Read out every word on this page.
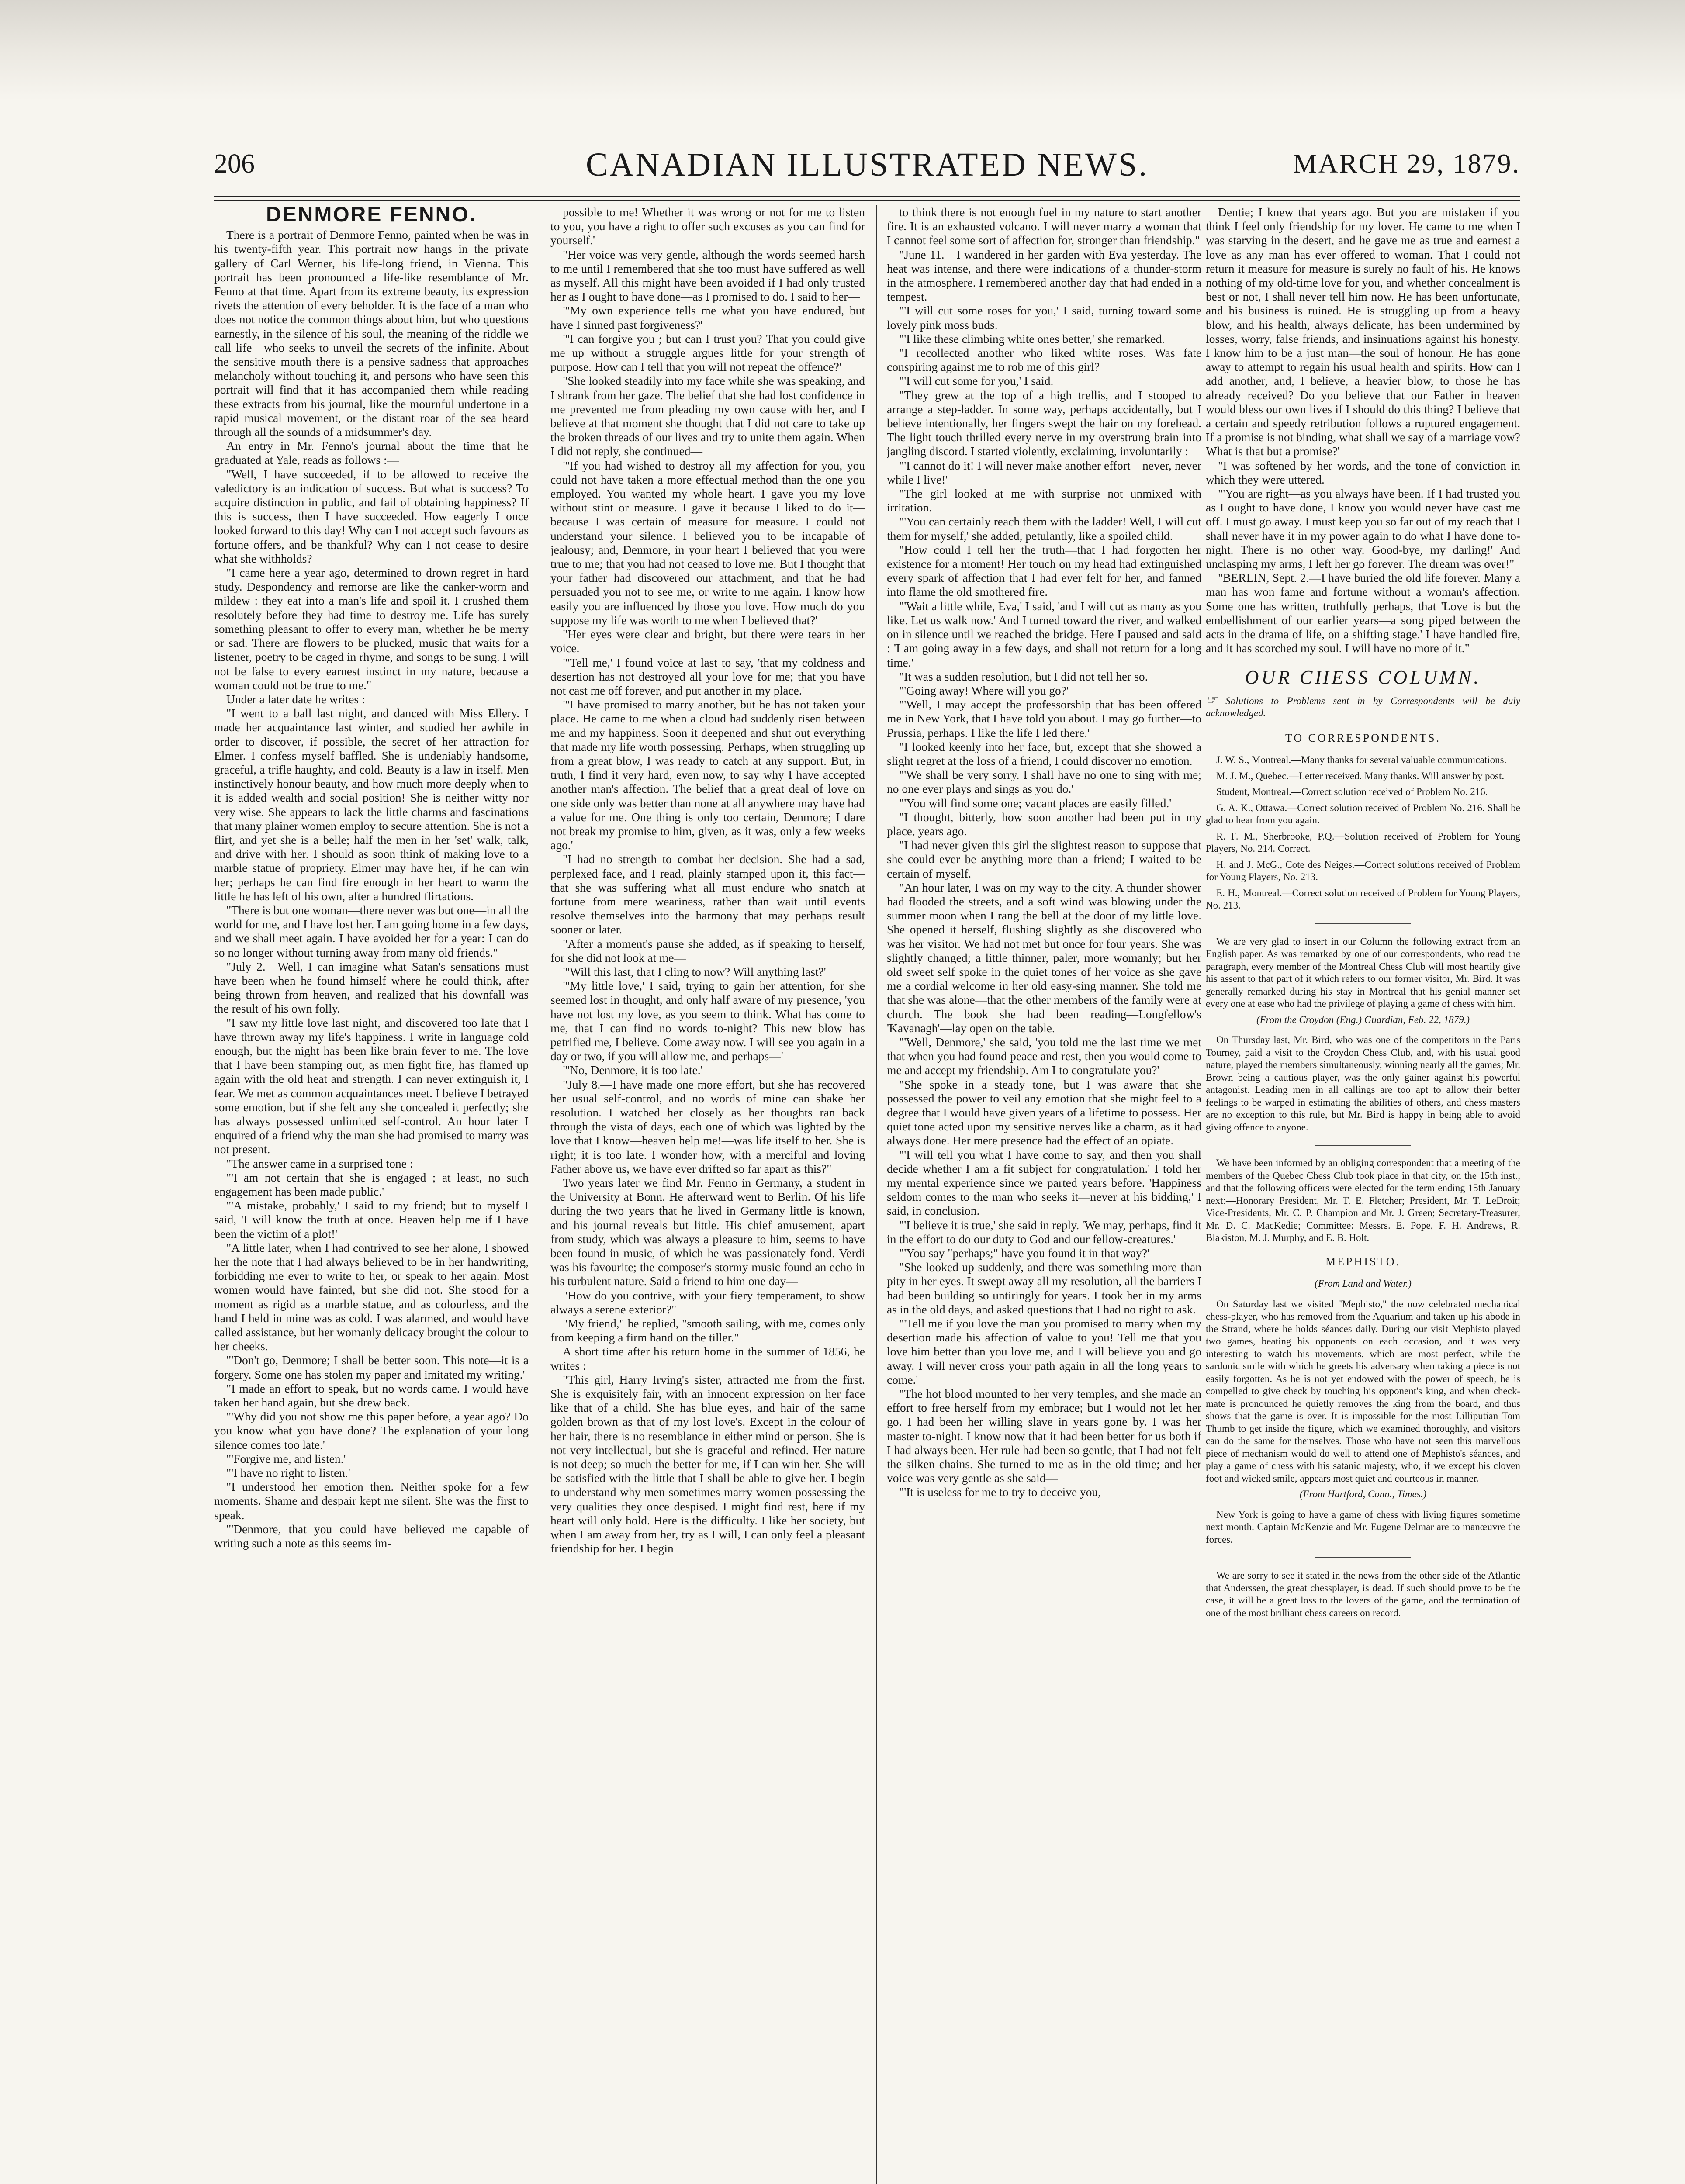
206	CANADIAN ILLUSTRATED NEWS.	MARCH 29, 1879.
DENMORE FENNO.

There is a portrait of Denmore Fenno, painted when he was in his twenty-fifth year. This portrait now hangs in the private gallery of Carl Werner, his life-long friend, in Vienna. This portrait has been pronounced a life-like resemblance of Mr. Fenno at that time. Apart from its extreme beauty, its expression rivets the attention of every beholder. It is the face of a man who does not notice the common things about him, but who questions earnestly, in the silence of his soul, the meaning of the riddle we call life—who seeks to unveil the secrets of the infinite. About the sensitive mouth there is a pensive sadness that approaches melancholy without touching it, and persons who have seen this portrait will find that it has accompanied them while reading these extracts from his journal, like the mournful undertone in a rapid musical movement, or the distant roar of the sea heard through all the sounds of a midsummer's day.

An entry in Mr. Fenno's journal about the time that he graduated at Yale, reads as follows :—

"Well, I have succeeded, if to be allowed to receive the valedictory is an indication of success. But what is success? To acquire distinction in public, and fail of obtaining happiness? If this is success, then I have succeeded. How eagerly I once looked forward to this day! Why can I not accept such favours as fortune offers, and be thankful? Why can I not cease to desire what she withholds?

"I came here a year ago, determined to drown regret in hard study. Despondency and remorse are like the canker-worm and mildew : they eat into a man's life and spoil it. I crushed them resolutely before they had time to destroy me. Life has surely something pleasant to offer to every man, whether he be merry or sad. There are flowers to be plucked, music that waits for a listener, poetry to be caged in rhyme, and songs to be sung. I will not be false to every earnest instinct in my nature, because a woman could not be true to me."

Under a later date he writes :

"I went to a ball last night, and danced with Miss Ellery. I made her acquaintance last winter, and studied her awhile in order to discover, if possible, the secret of her attraction for Elmer. I confess myself baffled. She is undeniably handsome, graceful, a trifle haughty, and cold. Beauty is a law in itself. Men instinctively honour beauty, and how much more deeply when to it is added wealth and social position! She is neither witty nor very wise. She appears to lack the little charms and fascinations that many plainer women employ to secure attention. She is not a flirt, and yet she is a belle; half the men in her 'set' walk, talk, and drive with her. I should as soon think of making love to a marble statue of propriety. Elmer may have her, if he can win her; perhaps he can find fire enough in her heart to warm the little he has left of his own, after a hundred flirtations.

"There is but one woman—there never was but one—in all the world for me, and I have lost her. I am going home in a few days, and we shall meet again. I have avoided her for a year: I can do so no longer without turning away from many old friends."

"July 2.—Well, I can imagine what Satan's sensations must have been when he found himself where he could think, after being thrown from heaven, and realized that his downfall was the result of his own folly.

"I saw my little love last night, and discovered too late that I have thrown away my life's happiness. I write in language cold enough, but the night has been like brain fever to me. The love that I have been stamping out, as men fight fire, has flamed up again with the old heat and strength. I can never extinguish it, I fear. We met as common acquaintances meet. I believe I betrayed some emotion, but if she felt any she concealed it perfectly; she has always possessed unlimited self-control. An hour later I enquired of a friend why the man she had promised to marry was not present.

"The answer came in a surprised tone :

"'I am not certain that she is engaged ; at least, no such engagement has been made public.'

"'A mistake, probably,' I said to my friend; but to myself I said, 'I will know the truth at once. Heaven help me if I have been the victim of a plot!'

"A little later, when I had contrived to see her alone, I showed her the note that I had always believed to be in her handwriting, forbidding me ever to write to her, or speak to her again. Most women would have fainted, but she did not. She stood for a moment as rigid as a marble statue, and as colourless, and the hand I held in mine was as cold. I was alarmed, and would have called assistance, but her womanly delicacy brought the colour to her cheeks.

"'Don't go, Denmore; I shall be better soon. This note—it is a forgery. Some one has stolen my paper and imitated my writing.'

"I made an effort to speak, but no words came. I would have taken her hand again, but she drew back.

"'Why did you not show me this paper before, a year ago? Do you know what you have done? The explanation of your long silence comes too late.'

"'Forgive me, and listen.'

"'I have no right to listen.'

"I understood her emotion then. Neither spoke for a few moments. Shame and despair kept me silent. She was the first to speak.

"'Denmore, that you could have believed me capable of writing such a note as this seems im-

possible to me! Whether it was wrong or not for me to listen to you, you have a right to offer such excuses as you can find for yourself.'

"Her voice was very gentle, although the words seemed harsh to me until I remembered that she too must have suffered as well as myself. All this might have been avoided if I had only trusted her as I ought to have done—as I promised to do. I said to her—

"'My own experience tells me what you have endured, but have I sinned past forgiveness?'

"'I can forgive you ; but can I trust you? That you could give me up without a struggle argues little for your strength of purpose. How can I tell that you will not repeat the offence?'

"She looked steadily into my face while she was speaking, and I shrank from her gaze. The belief that she had lost confidence in me prevented me from pleading my own cause with her, and I believe at that moment she thought that I did not care to take up the broken threads of our lives and try to unite them again. When I did not reply, she continued—

"'If you had wished to destroy all my affection for you, you could not have taken a more effectual method than the one you employed. You wanted my whole heart. I gave you my love without stint or measure. I gave it because I liked to do it—because I was certain of measure for measure. I could not understand your silence. I believed you to be incapable of jealousy; and, Denmore, in your heart I believed that you were true to me; that you had not ceased to love me. But I thought that your father had discovered our attachment, and that he had persuaded you not to see me, or write to me again. I know how easily you are influenced by those you love. How much do you suppose my life was worth to me when I believed that?'

"Her eyes were clear and bright, but there were tears in her voice.

"'Tell me,' I found voice at last to say, 'that my coldness and desertion has not destroyed all your love for me; that you have not cast me off forever, and put another in my place.'

"'I have promised to marry another, but he has not taken your place. He came to me when a cloud had suddenly risen between me and my happiness. Soon it deepened and shut out everything that made my life worth possessing. Perhaps, when struggling up from a great blow, I was ready to catch at any support. But, in truth, I find it very hard, even now, to say why I have accepted another man's affection. The belief that a great deal of love on one side only was better than none at all anywhere may have had a value for me. One thing is only too certain, Denmore; I dare not break my promise to him, given, as it was, only a few weeks ago.'

"I had no strength to combat her decision. She had a sad, perplexed face, and I read, plainly stamped upon it, this fact—that she was suffering what all must endure who snatch at fortune from mere weariness, rather than wait until events resolve themselves into the harmony that may perhaps result sooner or later.

"After a moment's pause she added, as if speaking to herself, for she did not look at me—

"'Will this last, that I cling to now? Will anything last?'

"'My little love,' I said, trying to gain her attention, for she seemed lost in thought, and only half aware of my presence, 'you have not lost my love, as you seem to think. What has come to me, that I can find no words to-night? This new blow has petrified me, I believe. Come away now. I will see you again in a day or two, if you will allow me, and perhaps—'

"'No, Denmore, it is too late.'

"July 8.—I have made one more effort, but she has recovered her usual self-control, and no words of mine can shake her resolution. I watched her closely as her thoughts ran back through the vista of days, each one of which was lighted by the love that I know—heaven help me!—was life itself to her. She is right; it is too late. I wonder how, with a merciful and loving Father above us, we have ever drifted so far apart as this?"

Two years later we find Mr. Fenno in Germany, a student in the University at Bonn. He afterward went to Berlin. Of his life during the two years that he lived in Germany little is known, and his journal reveals but little. His chief amusement, apart from study, which was always a pleasure to him, seems to have been found in music, of which he was passionately fond. Verdi was his favourite; the composer's stormy music found an echo in his turbulent nature. Said a friend to him one day—

"How do you contrive, with your fiery temperament, to show always a serene exterior?"

"My friend," he replied, "smooth sailing, with me, comes only from keeping a firm hand on the tiller."

A short time after his return home in the summer of 1856, he writes :

"This girl, Harry Irving's sister, attracted me from the first. She is exquisitely fair, with an innocent expression on her face like that of a child. She has blue eyes, and hair of the same golden brown as that of my lost love's. Except in the colour of her hair, there is no resemblance in either mind or person. She is not very intellectual, but she is graceful and refined. Her nature is not deep; so much the better for me, if I can win her. She will be satisfied with the little that I shall be able to give her. I begin to understand why men sometimes marry women possessing the very qualities they once despised. I might find rest, here if my heart will only hold. Here is the difficulty. I like her society, but when I am away from her, try as I will, I can only feel a pleasant friendship for her. I begin

to think there is not enough fuel in my nature to start another fire. It is an exhausted volcano. I will never marry a woman that I cannot feel some sort of affection for, stronger than friendship."

"June 11.—I wandered in her garden with Eva yesterday. The heat was intense, and there were indications of a thunder-storm in the atmosphere. I remembered another day that had ended in a tempest.

"'I will cut some roses for you,' I said, turning toward some lovely pink moss buds.

"'I like these climbing white ones better,' she remarked.

"I recollected another who liked white roses. Was fate conspiring against me to rob me of this girl?

"'I will cut some for you,' I said.

"They grew at the top of a high trellis, and I stooped to arrange a step-ladder. In some way, perhaps accidentally, but I believe intentionally, her fingers swept the hair on my forehead. The light touch thrilled every nerve in my overstrung brain into jangling discord. I started violently, exclaiming, involuntarily :

"'I cannot do it! I will never make another effort—never, never while I live!'

"The girl looked at me with surprise not unmixed with irritation.

"'You can certainly reach them with the ladder! Well, I will cut them for myself,' she added, petulantly, like a spoiled child.

"How could I tell her the truth—that I had forgotten her existence for a moment! Her touch on my head had extinguished every spark of affection that I had ever felt for her, and fanned into flame the old smothered fire.

"'Wait a little while, Eva,' I said, 'and I will cut as many as you like. Let us walk now.' And I turned toward the river, and walked on in silence until we reached the bridge. Here I paused and said : 'I am going away in a few days, and shall not return for a long time.'

"It was a sudden resolution, but I did not tell her so.

"'Going away! Where will you go?'

"'Well, I may accept the professorship that has been offered me in New York, that I have told you about. I may go further—to Prussia, perhaps. I like the life I led there.'

"I looked keenly into her face, but, except that she showed a slight regret at the loss of a friend, I could discover no emotion.

"'We shall be very sorry. I shall have no one to sing with me; no one ever plays and sings as you do.'

"'You will find some one; vacant places are easily filled.'

"I thought, bitterly, how soon another had been put in my place, years ago.

"I had never given this girl the slightest reason to suppose that she could ever be anything more than a friend; I waited to be certain of myself.

"An hour later, I was on my way to the city. A thunder shower had flooded the streets, and a soft wind was blowing under the summer moon when I rang the bell at the door of my little love. She opened it herself, flushing slightly as she discovered who was her visitor. We had not met but once for four years. She was slightly changed; a little thinner, paler, more womanly; but her old sweet self spoke in the quiet tones of her voice as she gave me a cordial welcome in her old easy-sing manner. She told me that she was alone—that the other members of the family were at church. The book she had been reading—Longfellow's 'Kavanagh'—lay open on the table.

"'Well, Denmore,' she said, 'you told me the last time we met that when you had found peace and rest, then you would come to me and accept my friendship. Am I to congratulate you?'

"She spoke in a steady tone, but I was aware that she possessed the power to veil any emotion that she might feel to a degree that I would have given years of a lifetime to possess. Her quiet tone acted upon my sensitive nerves like a charm, as it had always done. Her mere presence had the effect of an opiate.

"'I will tell you what I have come to say, and then you shall decide whether I am a fit subject for congratulation.' I told her my mental experience since we parted years before. 'Happiness seldom comes to the man who seeks it—never at his bidding,' I said, in conclusion.

"'I believe it is true,' she said in reply. 'We may, perhaps, find it in the effort to do our duty to God and our fellow-creatures.'

"'You say "perhaps;" have you found it in that way?'

"She looked up suddenly, and there was something more than pity in her eyes. It swept away all my resolution, all the barriers I had been building so untiringly for years. I took her in my arms as in the old days, and asked questions that I had no right to ask.

"'Tell me if you love the man you promised to marry when my desertion made his affection of value to you! Tell me that you love him better than you love me, and I will believe you and go away. I will never cross your path again in all the long years to come.'

"The hot blood mounted to her very temples, and she made an effort to free herself from my embrace; but I would not let her go. I had been her willing slave in years gone by. I was her master to-night. I know now that it had been better for us both if I had always been. Her rule had been so gentle, that I had not felt the silken chains. She turned to me as in the old time; and her voice was very gentle as she said—

"'It is useless for me to try to deceive you,

Dentie; I knew that years ago. But you are mistaken if you think I feel only friendship for my lover. He came to me when I was starving in the desert, and he gave me as true and earnest a love as any man has ever offered to woman. That I could not return it measure for measure is surely no fault of his. He knows nothing of my old-time love for you, and whether concealment is best or not, I shall never tell him now. He has been unfortunate, and his business is ruined. He is struggling up from a heavy blow, and his health, always delicate, has been undermined by losses, worry, false friends, and insinuations against his honesty. I know him to be a just man—the soul of honour. He has gone away to attempt to regain his usual health and spirits. How can I add another, and, I believe, a heavier blow, to those he has already received? Do you believe that our Father in heaven would bless our own lives if I should do this thing? I believe that a certain and speedy retribution follows a ruptured engagement. If a promise is not binding, what shall we say of a marriage vow? What is that but a promise?'

"I was softened by her words, and the tone of conviction in which they were uttered.

"'You are right—as you always have been. If I had trusted you as I ought to have done, I know you would never have cast me off. I must go away. I must keep you so far out of my reach that I shall never have it in my power again to do what I have done to-night. There is no other way. Good-bye, my darling!' And unclasping my arms, I left her go forever. The dream was over!"

"BERLIN, Sept. 2.—I have buried the old life forever. Many a man has won fame and fortune without a woman's affection. Some one has written, truthfully perhaps, that 'Love is but the embellishment of our earlier years—a song piped between the acts in the drama of life, on a shifting stage.' I have handled fire, and it has scorched my soul. I will have no more of it."

OUR CHESS COLUMN.

☞ Solutions to Problems sent in by Correspondents will be duly acknowledged.

TO CORRESPONDENTS.

J. W. S., Montreal.—Many thanks for several valuable communications.

M. J. M., Quebec.—Letter received. Many thanks. Will answer by post.

Student, Montreal.—Correct solution received of Problem No. 216.

G. A. K., Ottawa.—Correct solution received of Problem No. 216. Shall be glad to hear from you again.

R. F. M., Sherbrooke, P.Q.—Solution received of Problem for Young Players, No. 214. Correct.

H. and J. McG., Cote des Neiges.—Correct solutions received of Problem for Young Players, No. 213.

E. H., Montreal.—Correct solution received of Problem for Young Players, No. 213.

We are very glad to insert in our Column the following extract from an English paper. As was remarked by one of our correspondents, who read the paragraph, every member of the Montreal Chess Club will most heartily give his assent to that part of it which refers to our former visitor, Mr. Bird. It was generally remarked during his stay in Montreal that his genial manner set every one at ease who had the privilege of playing a game of chess with him.

(From the Croydon (Eng.) Guardian, Feb. 22, 1879.)

On Thursday last, Mr. Bird, who was one of the competitors in the Paris Tourney, paid a visit to the Croydon Chess Club, and, with his usual good nature, played the members simultaneously, winning nearly all the games; Mr. Brown being a cautious player, was the only gainer against his powerful antagonist. Leading men in all callings are too apt to allow their better feelings to be warped in estimating the abilities of others, and chess masters are no exception to this rule, but Mr. Bird is happy in being able to avoid giving offence to anyone.

We have been informed by an obliging correspondent that a meeting of the members of the Quebec Chess Club took place in that city, on the 15th inst., and that the following officers were elected for the term ending 15th January next:—Honorary President, Mr. T. E. Fletcher; President, Mr. T. LeDroit; Vice-Presidents, Mr. C. P. Champion and Mr. J. Green; Secretary-Treasurer, Mr. D. C. MacKedie; Committee: Messrs. E. Pope, F. H. Andrews, R. Blakiston, M. J. Murphy, and E. B. Holt.

MEPHISTO.

(From Land and Water.)

On Saturday last we visited "Mephisto," the now celebrated mechanical chess-player, who has removed from the Aquarium and taken up his abode in the Strand, where he holds séances daily. During our visit Mephisto played two games, beating his opponents on each occasion, and it was very interesting to watch his movements, which are most perfect, while the sardonic smile with which he greets his adversary when taking a piece is not easily forgotten. As he is not yet endowed with the power of speech, he is compelled to give check by touching his opponent's king, and when check-mate is pronounced he quietly removes the king from the board, and thus shows that the game is over. It is impossible for the most Lilliputian Tom Thumb to get inside the figure, which we examined thoroughly, and visitors can do the same for themselves. Those who have not seen this marvellous piece of mechanism would do well to attend one of Mephisto's séances, and play a game of chess with his satanic majesty, who, if we except his cloven foot and wicked smile, appears most quiet and courteous in manner.

(From Hartford, Conn., Times.)

New York is going to have a game of chess with living figures sometime next month. Captain McKenzie and Mr. Eugene Delmar are to manœuvre the forces.

We are sorry to see it stated in the news from the other side of the Atlantic that Anderssen, the great chessplayer, is dead. If such should prove to be the case, it will be a great loss to the lovers of the game, and the termination of one of the most brilliant chess careers on record.
